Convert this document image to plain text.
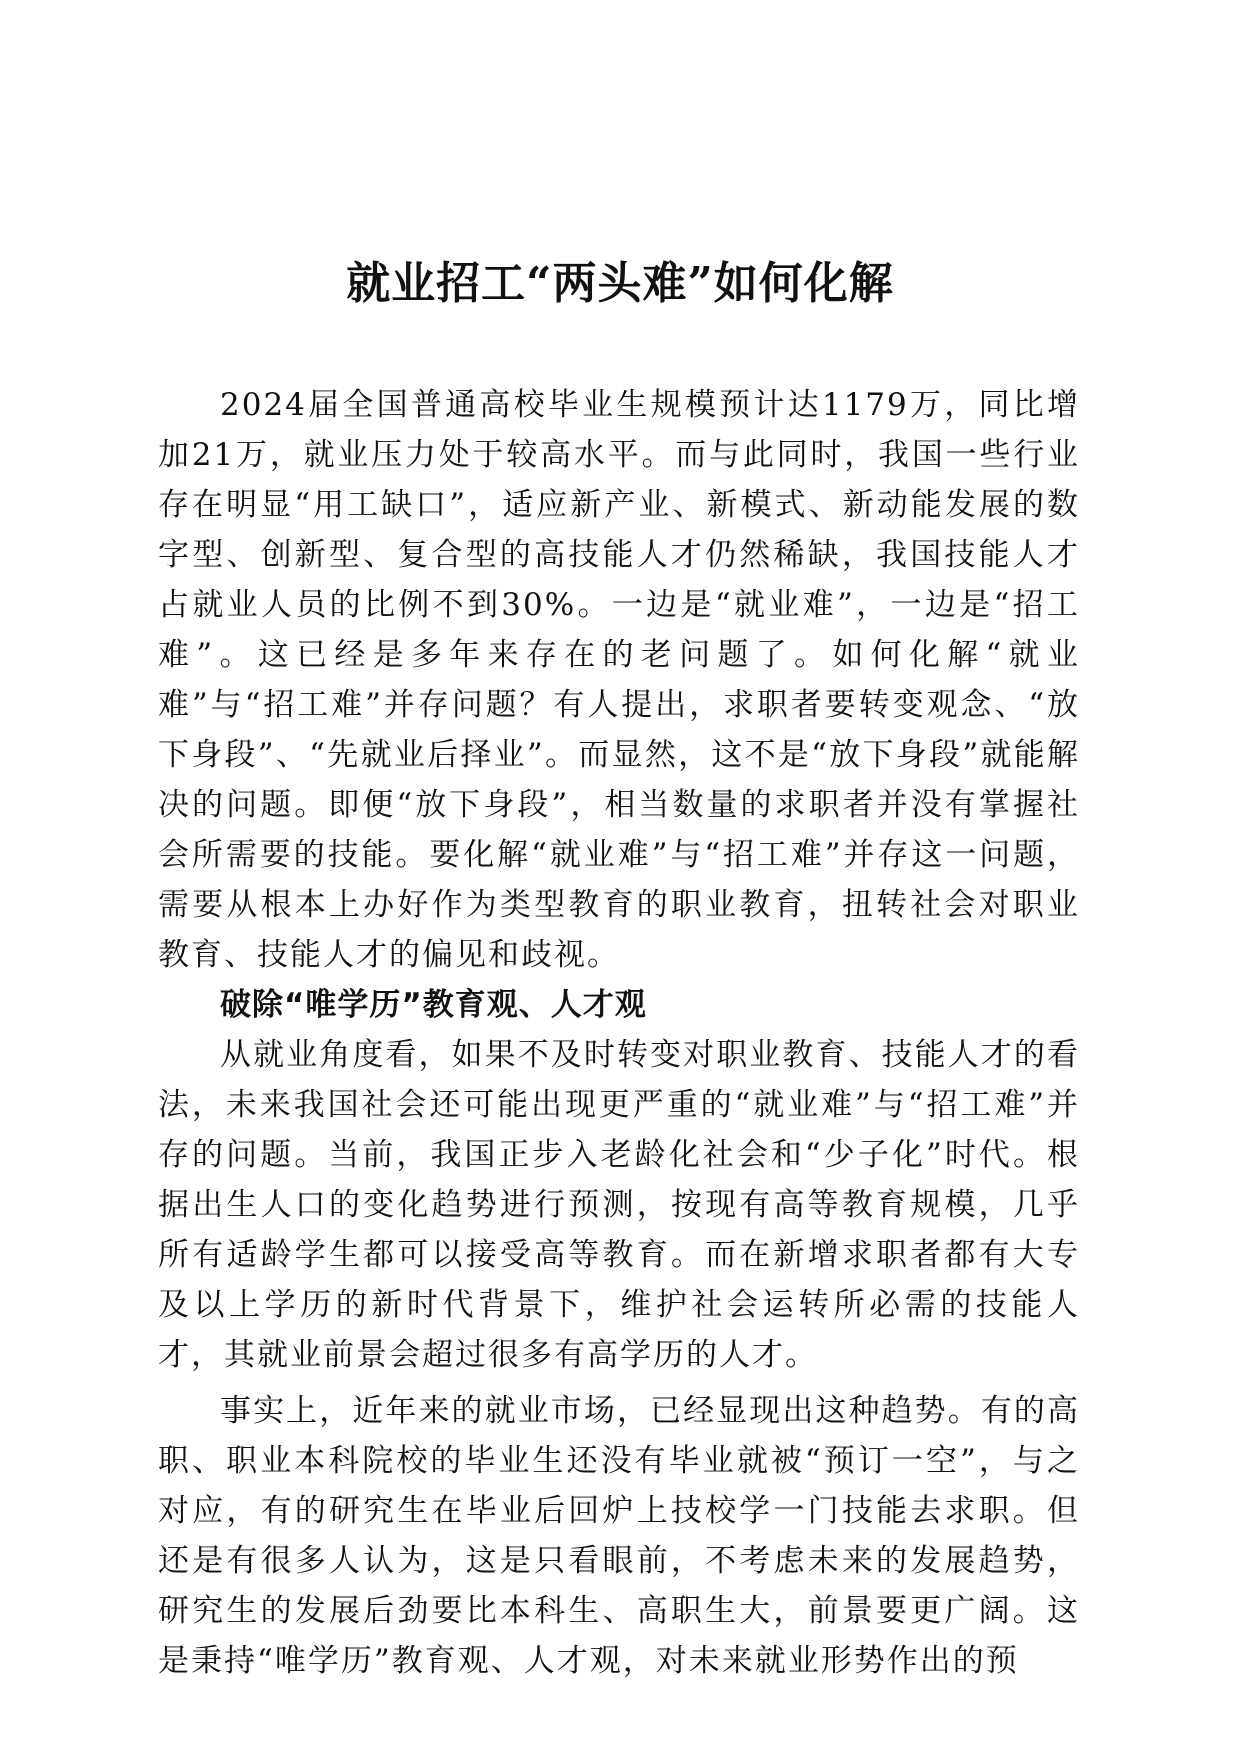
就业招工“两头难”如何化解

2024届全国普通高校毕业生规模预计达1179万，同比增加21万，就业压力处于较高水平。而与此同时，我国一些行业存在明显“用工缺口”，适应新产业、新模式、新动能发展的数字型、创新型、复合型的高技能人才仍然稀缺，我国技能人才占就业人员的比例不到30%。一边是“就业难”，一边是“招工难”。这已经是多年来存在的老问题了。如何化解“就业难”与“招工难”并存问题？有人提出，求职者要转变观念、“放下身段”、“先就业后择业”。而显然，这不是“放下身段”就能解决的问题。即便“放下身段”，相当数量的求职者并没有掌握社会所需要的技能。要化解“就业难”与“招工难”并存这一问题，需要从根本上办好作为类型教育的职业教育，扭转社会对职业教育、技能人才的偏见和歧视。

破除“唯学历”教育观、人才观

从就业角度看，如果不及时转变对职业教育、技能人才的看法，未来我国社会还可能出现更严重的“就业难”与“招工难”并存的问题。当前，我国正步入老龄化社会和“少子化”时代。根据出生人口的变化趋势进行预测，按现有高等教育规模，几乎所有适龄学生都可以接受高等教育。而在新增求职者都有大专及以上学历的新时代背景下，维护社会运转所必需的技能人才，其就业前景会超过很多有高学历的人才。

事实上，近年来的就业市场，已经显现出这种趋势。有的高职、职业本科院校的毕业生还没有毕业就被“预订一空”，与之对应，有的研究生在毕业后回炉上技校学一门技能去求职。但还是有很多人认为，这是只看眼前，不考虑未来的发展趋势，研究生的发展后劲要比本科生、高职生大，前景要更广阔。这是秉持“唯学历”教育观、人才观，对未来就业形势作出的预
